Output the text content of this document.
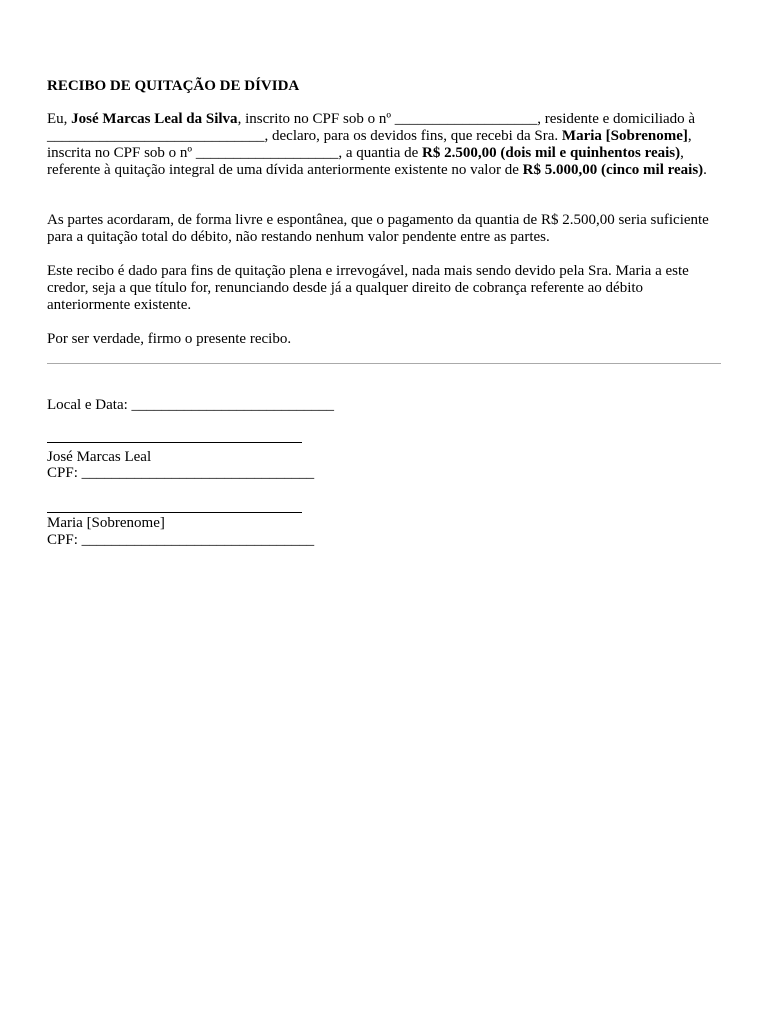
RECIBO DE QUITAÇÃO DE DÍVIDA

Eu, José Marcas Leal da Silva, inscrito no CPF sob o nº ___________________, residente e domiciliado à _____________________________, declaro, para os devidos fins, que recebi da Sra. Maria [Sobrenome], inscrita no CPF sob o nº ___________________, a quantia de R$ 2.500,00 (dois mil e quinhentos reais), referente à quitação integral de uma dívida anteriormente existente no valor de R$ 5.000,00 (cinco mil reais).

As partes acordaram, de forma livre e espontânea, que o pagamento da quantia de R$ 2.500,00 seria suficiente para a quitação total do débito, não restando nenhum valor pendente entre as partes.

Este recibo é dado para fins de quitação plena e irrevogável, nada mais sendo devido pela Sra. Maria a este credor, seja a que título for, renunciando desde já a qualquer direito de cobrança referente ao débito anteriormente existente.

Por ser verdade, firmo o presente recibo.

Local e Data: ___________________________
José Marcas Leal
CPF: _______________________________
Maria [Sobrenome]
CPF: _______________________________
